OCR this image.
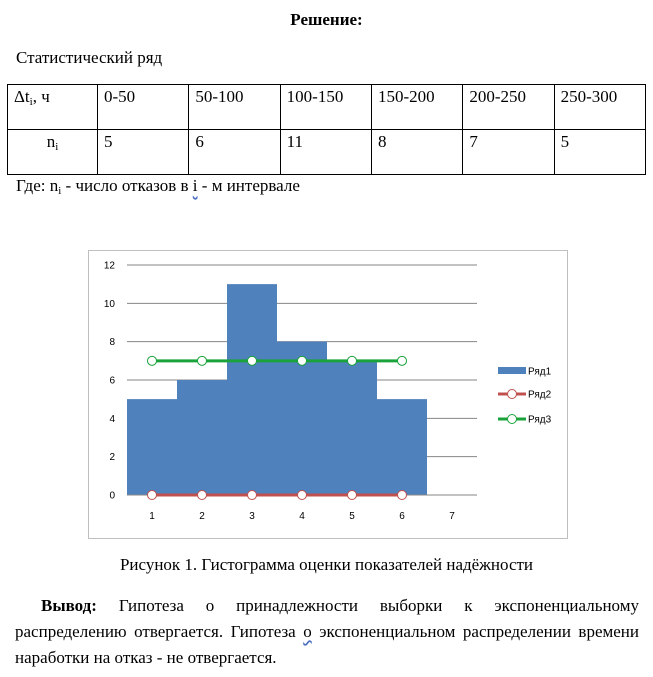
Решение:
Статистический ряд
$\Delta t_i$, ч	0-50	50-100	100-150	150-200	200-250	250-300
$n_i$	5	6	11	8	7	5
Где: $n_i$ - число отказов в i - м интервале
0
2
4
6
8
10
12
1	2	3	4	5	6	7
Ряд1
Ряд2
Ряд3
Рисунок 1. Гистограмма оценки показателей надёжности
Вывод: Гипотеза о принадлежности выборки к экспоненциальному распределению отвергается. Гипотеза о экспоненциальном распределении времени наработки на отказ - не отвергается.
